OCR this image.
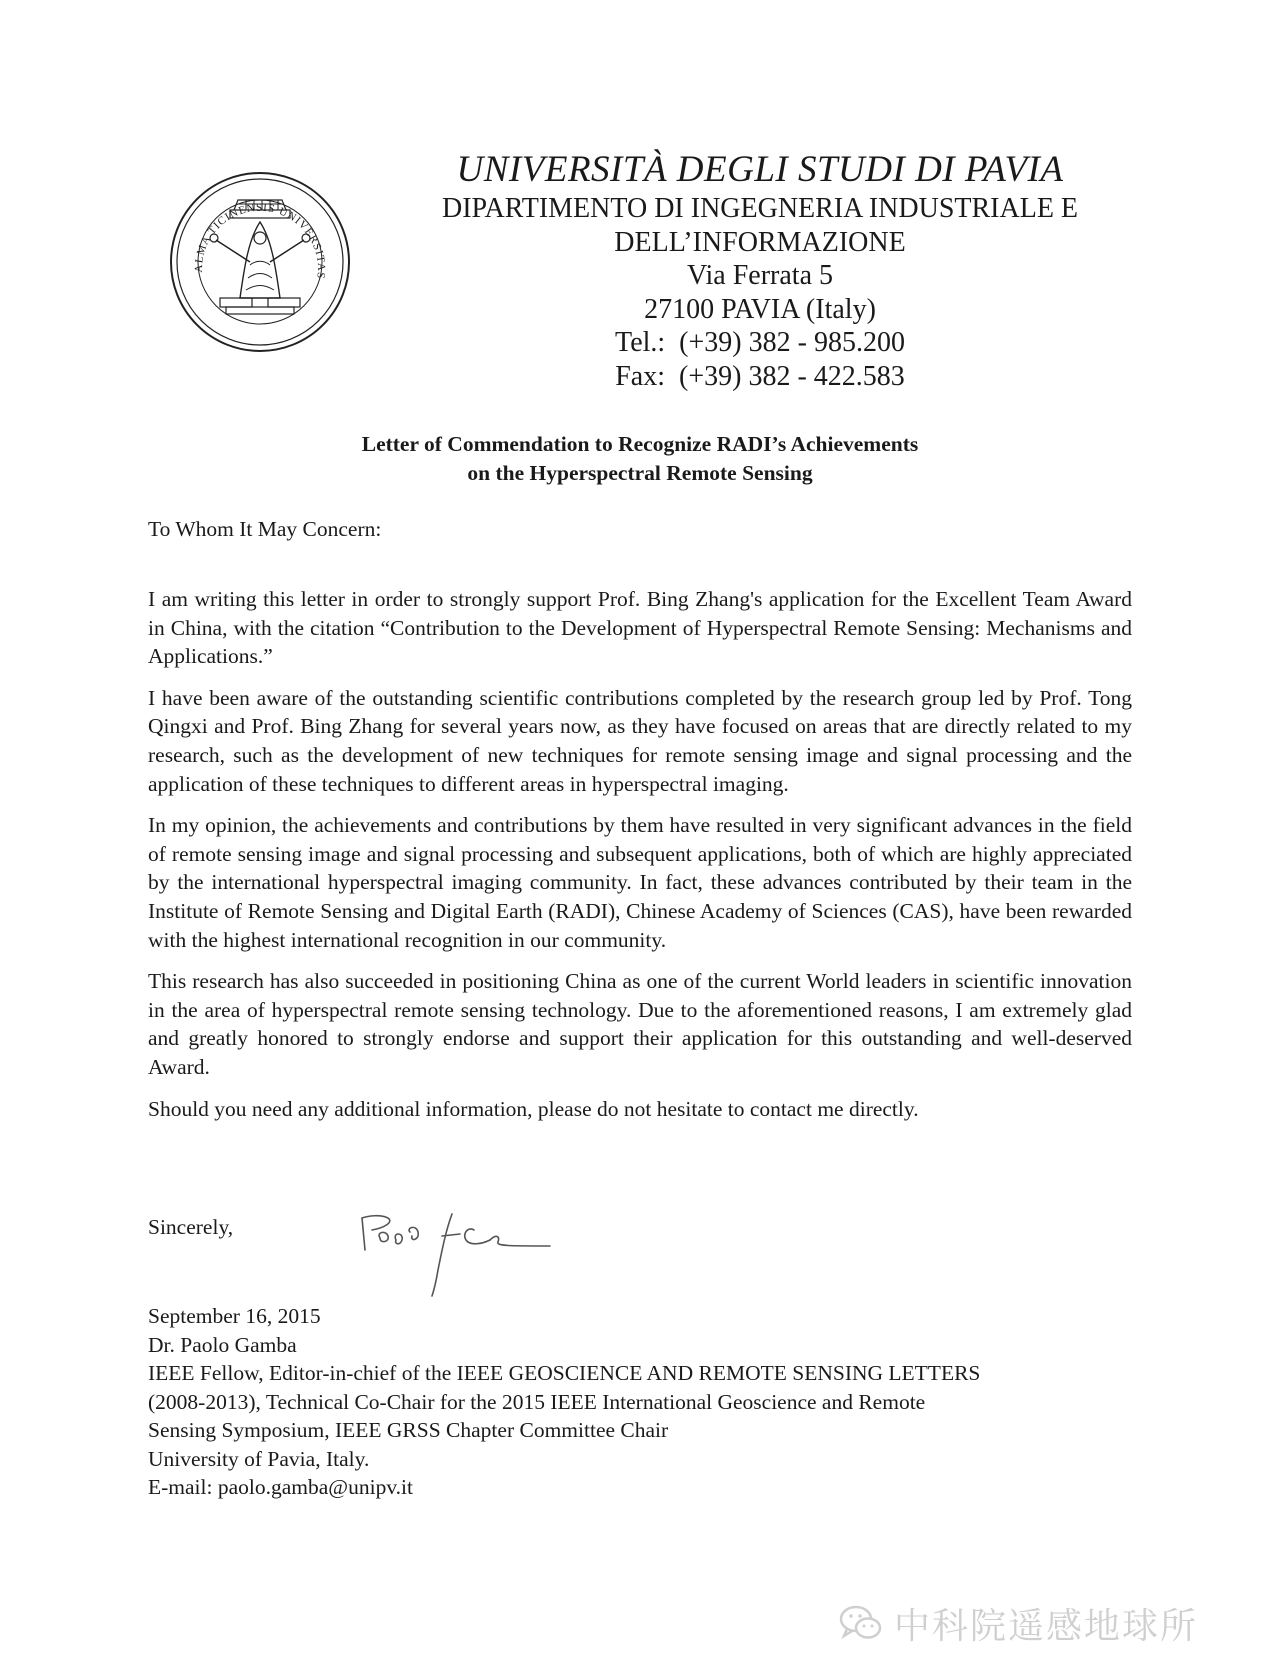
ALMA TICINENSIS UNIVERSITAS
UNIVERSITÀ DEGLI STUDI DI PAVIA
DIPARTIMENTO DI INGEGNERIA INDUSTRIALE E
DELL’INFORMAZIONE
Via Ferrata 5
27100 PAVIA (Italy)
Tel.:  (+39) 382 - 985.200
Fax:  (+39) 382 - 422.583
Letter of Commendation to Recognize RADI’s Achievements
on the Hyperspectral Remote Sensing
To Whom It May Concern:

I am writing this letter in order to strongly support Prof. Bing Zhang's application for the Excellent Team Award in China, with the citation “Contribution to the Development of Hyperspectral Remote Sensing: Mechanisms and Applications.”

I have been aware of the outstanding scientific contributions completed by the research group led by Prof. Tong Qingxi and Prof. Bing Zhang for several years now, as they have focused on areas that are directly related to my research, such as the development of new techniques for remote sensing image and signal processing and the application of these techniques to different areas in hyperspectral imaging.

In my opinion, the achievements and contributions by them have resulted in very significant advances in the field of remote sensing image and signal processing and subsequent applications, both of which are highly appreciated by the international hyperspectral imaging community. In fact, these advances contributed by their team in the Institute of Remote Sensing and Digital Earth (RADI), Chinese Academy of Sciences (CAS), have been rewarded with the highest international recognition in our community.

This research has also succeeded in positioning China as one of the current World leaders in scientific innovation in the area of hyperspectral remote sensing technology. Due to the aforementioned reasons, I am extremely glad and greatly honored to strongly endorse and support their application for this outstanding and well-deserved Award.

Should you need any additional information, please do not hesitate to contact me directly.

Sincerely,
September 16, 2015
Dr. Paolo Gamba
IEEE Fellow, Editor-in-chief of the IEEE GEOSCIENCE AND REMOTE SENSING LETTERS
(2008-2013), Technical Co-Chair for the 2015 IEEE International Geoscience and Remote
Sensing Symposium, IEEE GRSS Chapter Committee Chair
University of Pavia, Italy.
E-mail: paolo.gamba@unipv.it
中科院遥感地球所
